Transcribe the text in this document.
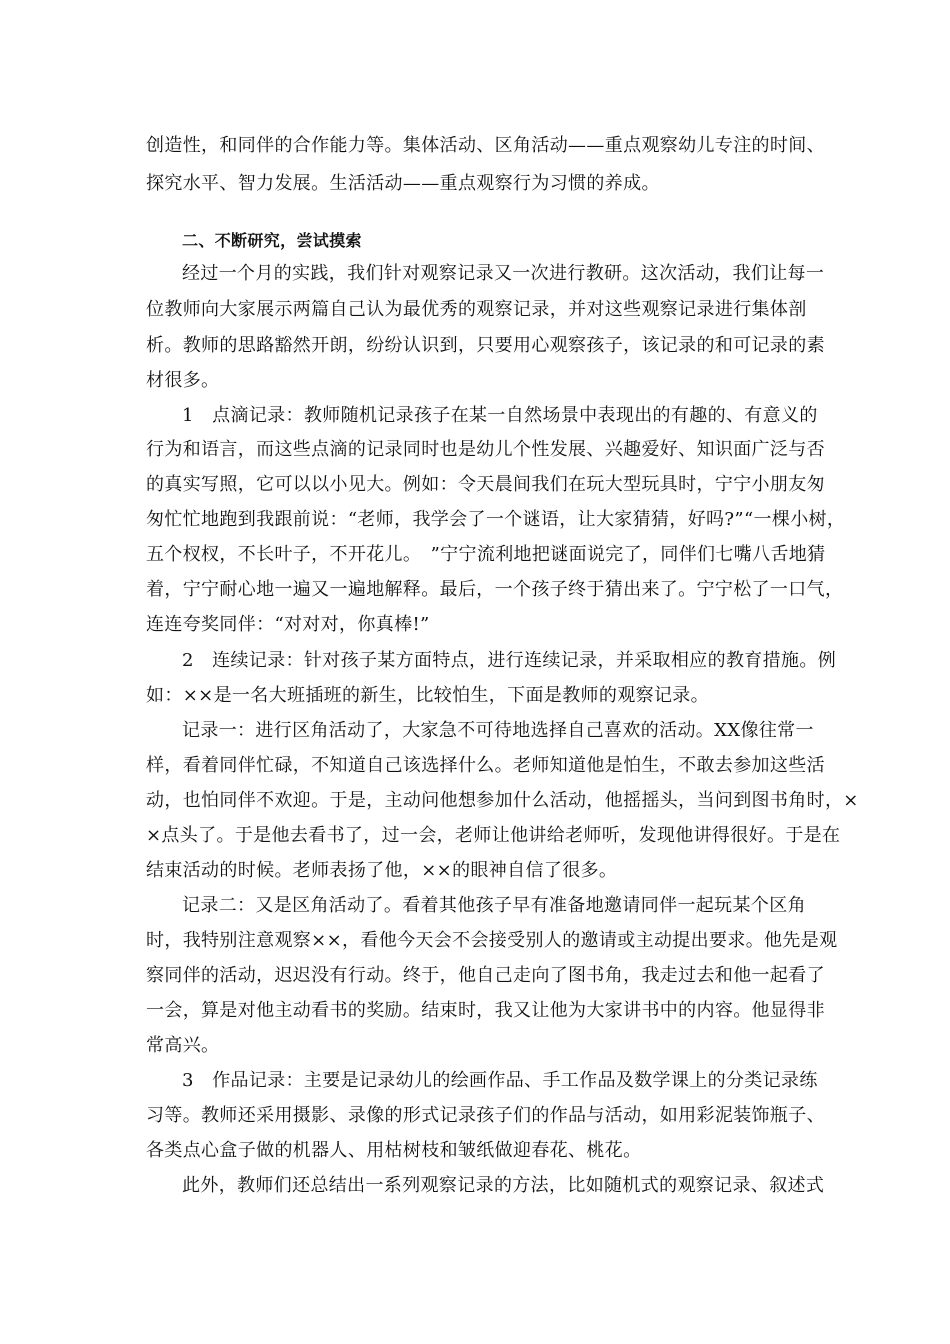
创造性，和同伴的合作能力等。集体活动、区角活动——重点观察幼儿专注的时间、
探究水平、智力发展。生活活动——重点观察行为习惯的养成。
二、不断研究，尝试摸索
经过一个月的实践，我们针对观察记录又一次进行教研。这次活动，我们让每一
位教师向大家展示两篇自己认为最优秀的观察记录，并对这些观察记录进行集体剖
析。教师的思路豁然开朗，纷纷认识到，只要用心观察孩子，该记录的和可记录的素
材很多。
1　点滴记录：教师随机记录孩子在某一自然场景中表现出的有趣的、有意义的
行为和语言，而这些点滴的记录同时也是幼儿个性发展、兴趣爱好、知识面广泛与否
的真实写照，它可以以小见大。例如：令天晨间我们在玩大型玩具时，宁宁小朋友匆
匆忙忙地跑到我跟前说：“老师，我学会了一个谜语，让大家猜猜，好吗?”“一棵小树，
五个杈杈，不长叶子，不开花儿。　”宁宁流利地把谜面说完了，同伴们七嘴八舌地猜
着，宁宁耐心地一遍又一遍地解释。最后，一个孩子终于猜出来了。宁宁松了一口气，
连连夸奖同伴：“对对对，你真棒!”
2　连续记录：针对孩子某方面特点，进行连续记录，并采取相应的教育措施。例
如：××是一名大班插班的新生，比较怕生，下面是教师的观察记录。
记录一：进行区角活动了，大家急不可待地选择自己喜欢的活动。XX像往常一
样，看着同伴忙碌，不知道自己该选择什么。老师知道他是怕生，不敢去参加这些活
动，也怕同伴不欢迎。于是，主动问他想参加什么活动，他摇摇头，当问到图书角时，×
×点头了。于是他去看书了，过一会，老师让他讲给老师听，发现他讲得很好。于是在
结束活动的时候。老师表扬了他，××的眼神自信了很多。
记录二：又是区角活动了。看着其他孩子早有准备地邀请同伴一起玩某个区角
时，我特别注意观察××，看他今天会不会接受别人的邀请或主动提出要求。他先是观
察同伴的活动，迟迟没有行动。终于，他自己走向了图书角，我走过去和他一起看了
一会，算是对他主动看书的奖励。结束时，我又让他为大家讲书中的内容。他显得非
常高兴。
3　作品记录：主要是记录幼儿的绘画作品、手工作品及数学课上的分类记录练
习等。教师还采用摄影、录像的形式记录孩子们的作品与活动，如用彩泥装饰瓶子、
各类点心盒子做的机器人、用枯树枝和皱纸做迎春花、桃花。
此外，教师们还总结出一系列观察记录的方法，比如随机式的观察记录、叙述式
